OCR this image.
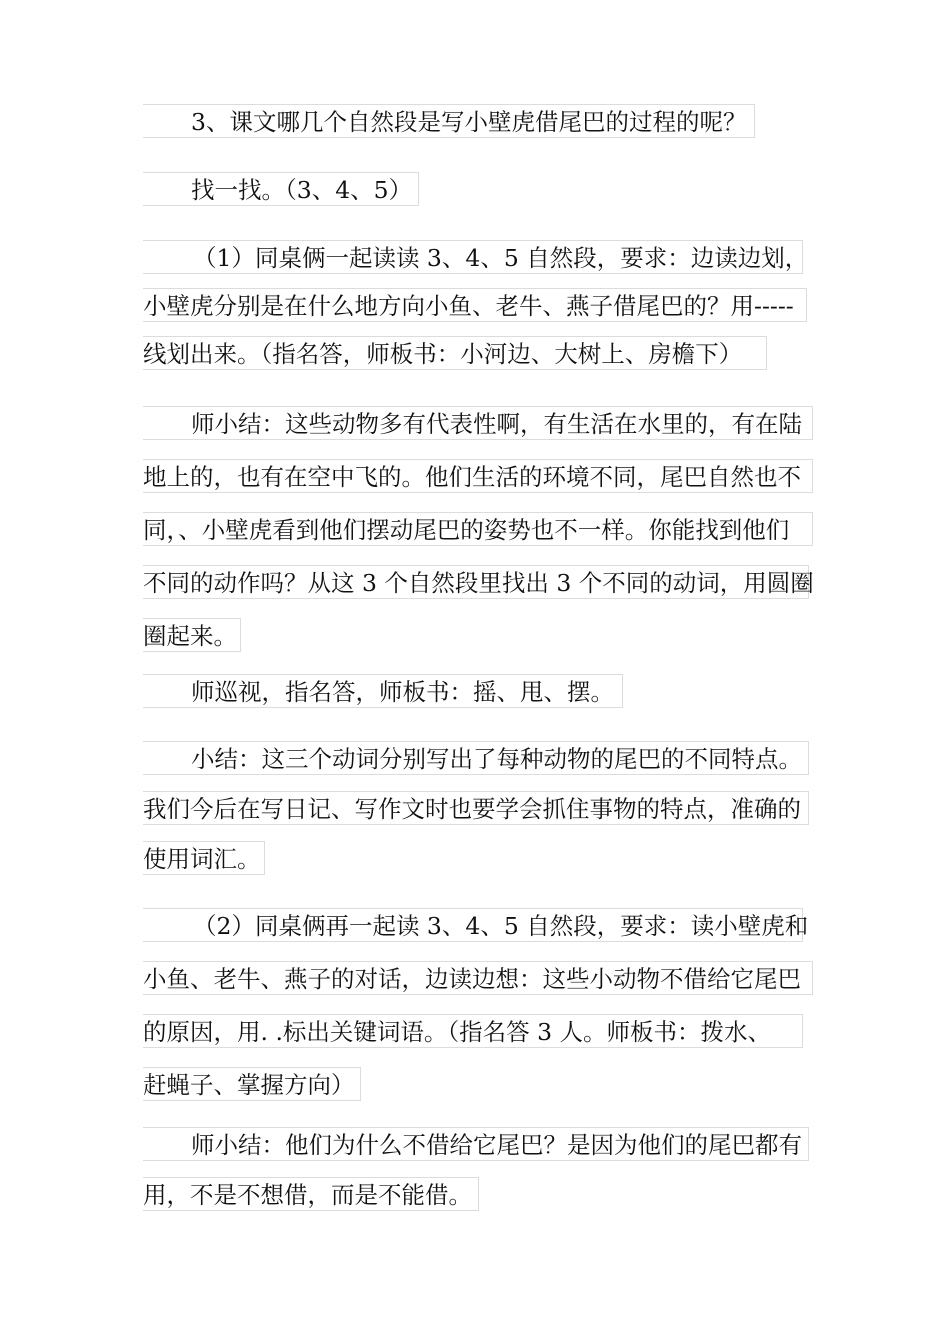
3、课文哪几个自然段是写小壁虎借尾巴的过程的呢？
找一找。（3、4、5）
（1）同桌俩一起读读 3、4、5 自然段，要求：边读边划，
小壁虎分别是在什么地方向小鱼、老牛、燕子借尾巴的？用-----
线划出来。（指名答，师板书：小河边、大树上、房檐下）
师小结：这些动物多有代表性啊，有生活在水里的，有在陆
地上的，也有在空中飞的。他们生活的环境不同，尾巴自然也不
同，、小壁虎看到他们摆动尾巴的姿势也不一样。你能找到他们
不同的动作吗？从这 3 个自然段里找出 3 个不同的动词，用圆圈
圈起来。
师巡视，指名答，师板书：摇、甩、摆。
小结：这三个动词分别写出了每种动物的尾巴的不同特点。
我们今后在写日记、写作文时也要学会抓住事物的特点，准确的
使用词汇。
（2）同桌俩再一起读 3、4、5 自然段，要求：读小壁虎和
小鱼、老牛、燕子的对话，边读边想：这些小动物不借给它尾巴
的原因，用. .标出关键词语。（指名答 3 人。师板书：拨水、
赶蝇子、掌握方向）
师小结：他们为什么不借给它尾巴？是因为他们的尾巴都有
用，不是不想借，而是不能借。
